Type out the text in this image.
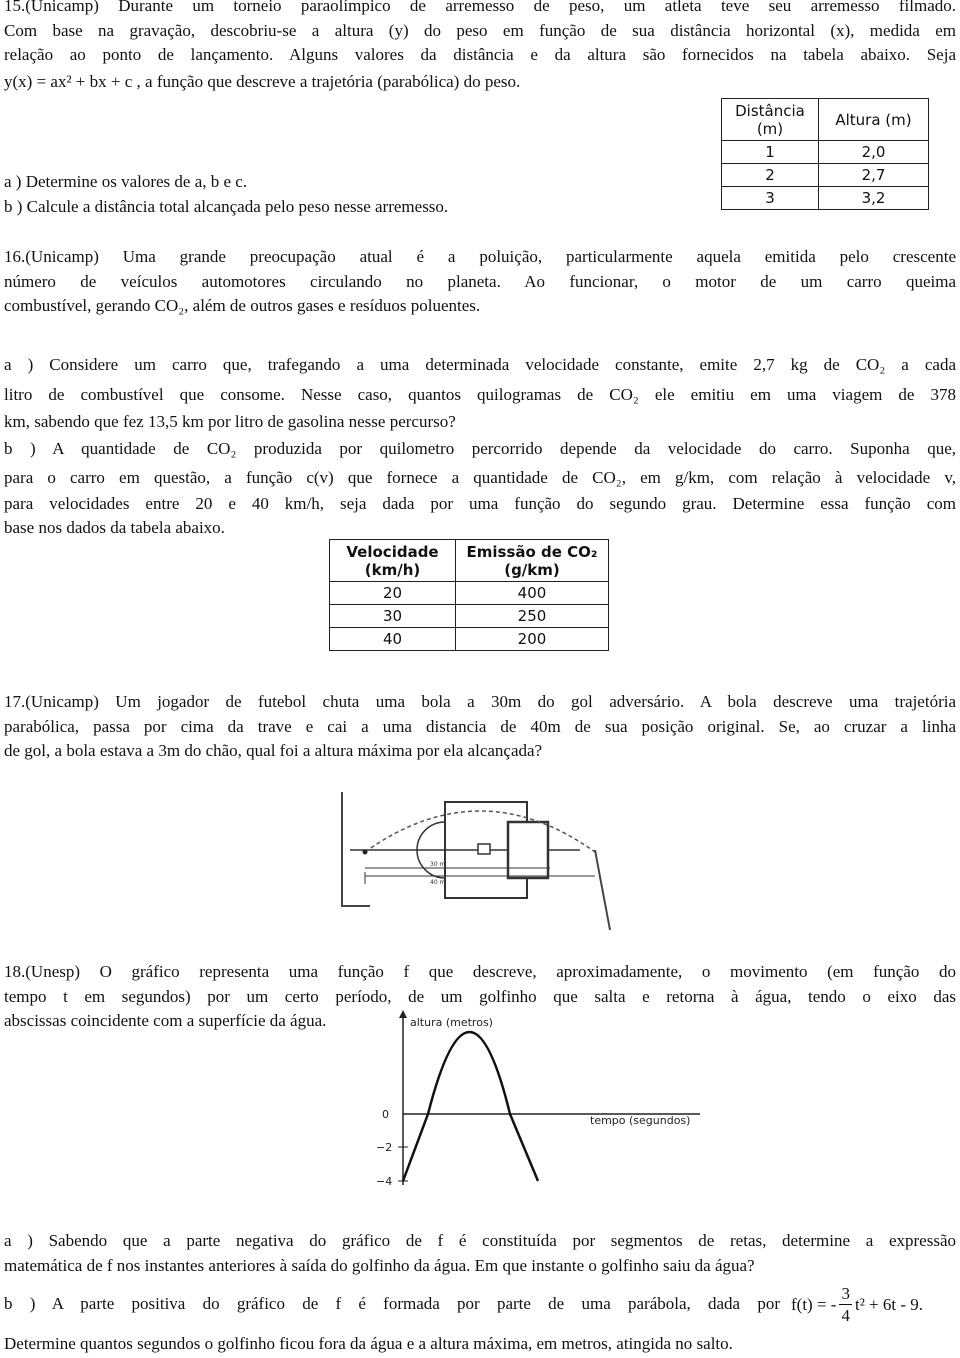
15.(Unicamp) Durante um torneio paraolímpico de arremesso de peso, um atleta teve seu arremesso filmado.
Com base na gravação, descobriu-se a altura (y) do peso em função de sua distância horizontal (x), medida em
relação ao ponto de lançamento. Alguns valores da distância e da altura são fornecidos na tabela abaixo. Seja
y(x) = ax² + bx + c , a função que descreve a trajetória (parabólica) do peso.
a ) Determine os valores de a, b e c.
b ) Calcule a distância total alcançada pelo peso nesse arremesso.
Distância (m)	Altura (m)
1	2,0
2	2,7
3	3,2
16.(Unicamp) Uma grande preocupação atual é a poluição, particularmente aquela emitida pelo crescente
número de veículos automotores circulando no planeta. Ao funcionar, o motor de um carro queima
combustível, gerando CO₂, além de outros gases e resíduos poluentes.
a ) Considere um carro que, trafegando a uma determinada velocidade constante, emite 2,7 kg de CO₂ a cada
litro de combustível que consome. Nesse caso, quantos quilogramas de CO₂ ele emitiu em uma viagem de 378
km, sabendo que fez 13,5 km por litro de gasolina nesse percurso?
b ) A quantidade de CO₂ produzida por quilometro percorrido depende da velocidade do carro. Suponha que,
para o carro em questão, a função c(v) que fornece a quantidade de CO₂, em g/km, com relação à velocidade v,
para velocidades entre 20 e 40 km/h, seja dada por uma função do segundo grau. Determine essa função com
base nos dados da tabela abaixo.
Velocidade (km/h)	Emissão de CO₂ (g/km)
20	400
30	250
40	200
17.(Unicamp) Um jogador de futebol chuta uma bola a 30m do gol adversário. A bola descreve uma trajetória
parabólica, passa por cima da trave e cai a uma distancia de 40m de sua posição original. Se, ao cruzar a linha
de gol, a bola estava a 3m do chão, qual foi a altura máxima por ela alcançada?
30 m
40 m
18.(Unesp) O gráfico representa uma função f que descreve, aproximadamente, o movimento (em função do
tempo t em segundos) por um certo período, de um golfinho que salta e retorna à água, tendo o eixo das
abscissas coincidente com a superfície da água.	altura (metros)
tempo (segundos)
0
−2
−4
a ) Sabendo que a parte negativa do gráfico de f é constituída por segmentos de retas, determine a expressão
matemática de f nos instantes anteriores à saída do golfinho da água. Em que instante o golfinho saiu da água?
b ) A parte positiva do gráfico de f é formada por parte de uma parábola, dada por f(t) = - $\frac{3}{4} t^2 + 6t - 9$.
Determine quantos segundos o golfinho ficou fora da água e a altura máxima, em metros, atingida no salto.
